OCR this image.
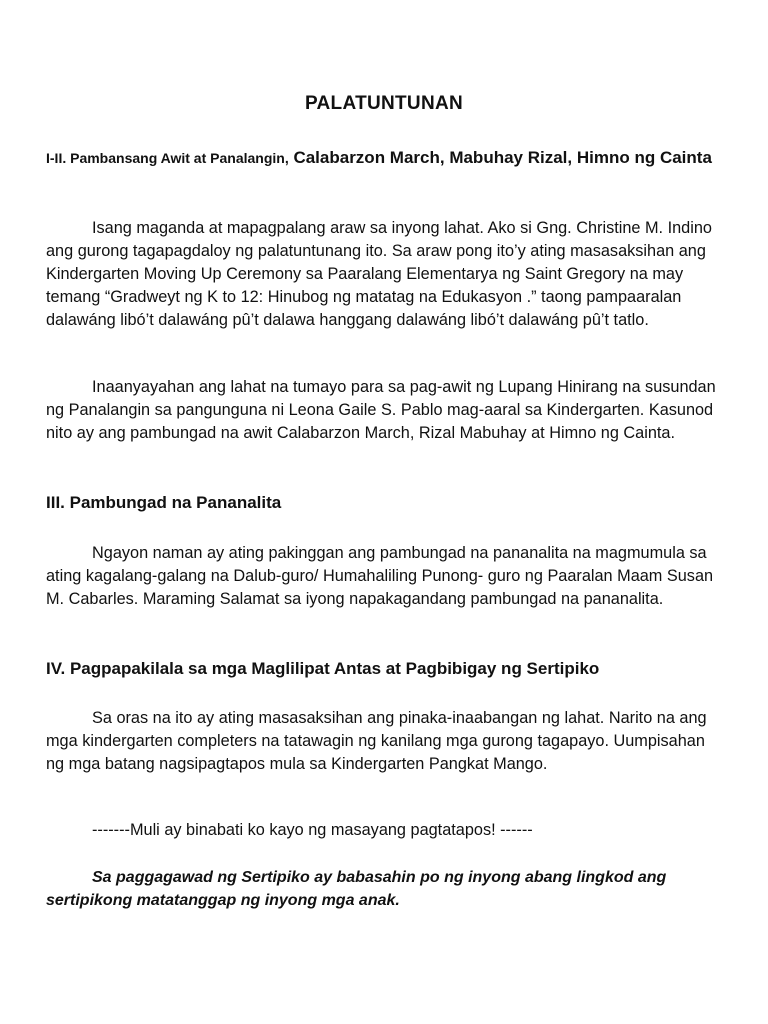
PALATUNTUNAN
I-II. Pambansang Awit at Panalangin, Calabarzon March, Mabuhay Rizal, Himno ng Cainta

Isang maganda at mapagpalang araw sa inyong lahat. Ako si Gng. Christine M. Indino ang gurong tagapagdaloy ng palatuntunang ito. Sa araw pong ito’y ating masasaksihan ang Kindergarten Moving Up Ceremony sa Paaralang Elementarya ng Saint Gregory na may temang “Gradweyt ng K to 12: Hinubog ng matatag na Edukasyon .” taong pampaaralan dalawáng libó’t dalawáng pû’t dalawa hanggang dalawáng libó’t dalawáng pû’t tatlo.

Inaanyayahan ang lahat na tumayo para sa pag-awit ng Lupang Hinirang na susundan ng Panalangin sa pangunguna ni Leona Gaile S. Pablo mag-aaral sa Kindergarten. Kasunod nito ay ang pambungad na awit Calabarzon March, Rizal Mabuhay at Himno ng Cainta.

III. Pambungad na Pananalita

Ngayon naman ay ating pakinggan ang pambungad na pananalita na magmumula sa ating kagalang-galang na Dalub-guro/ Humahaliling Punong- guro ng Paaralan Maam Susan M. Cabarles. Maraming Salamat sa iyong napakagandang pambungad na pananalita.

IV. Pagpapakilala sa mga Maglilipat Antas at Pagbibigay ng Sertipiko

Sa oras na ito ay ating masasaksihan ang pinaka-inaabangan ng lahat. Narito na ang mga kindergarten completers na tatawagin ng kanilang mga gurong tagapayo. Uumpisahan ng mga batang nagsipagtapos mula sa Kindergarten Pangkat Mango.

-------Muli ay binabati ko kayo ng masayang pagtatapos! ------

Sa paggagawad ng Sertipiko ay babasahin po ng inyong abang lingkod ang sertipikong matatanggap ng inyong mga anak.
